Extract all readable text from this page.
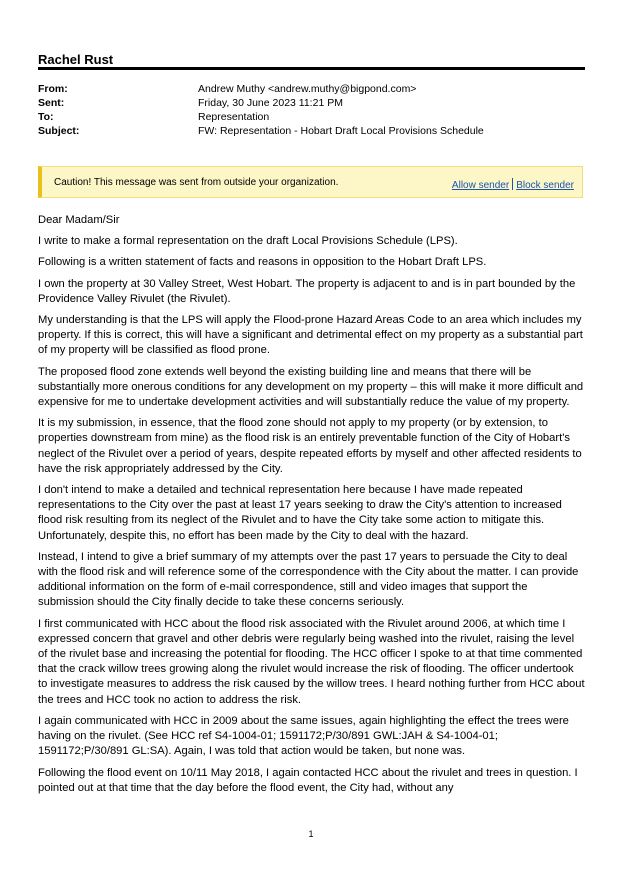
Rachel Rust
From:	Andrew Muthy <andrew.muthy@bigpond.com>
Sent:	Friday, 30 June 2023 11:21 PM
To:	Representation
Subject:	FW: Representation - Hobart Draft Local Provisions Schedule
Caution! This message was sent from outside your organization.	Allow sender Block sender

Dear Madam/Sir

I write to make a formal representation on the draft Local Provisions Schedule (LPS).

Following is a written statement of facts and reasons in opposition to the Hobart Draft LPS.

I own the property at 30 Valley Street, West Hobart. The property is adjacent to and is in part bounded by the Providence Valley Rivulet (the Rivulet).

My understanding is that the LPS will apply the Flood-prone Hazard Areas Code to an area which includes my property. If this is correct, this will have a significant and detrimental effect on my property as a substantial part of my property will be classified as flood prone.

The proposed flood zone extends well beyond the existing building line and means that there will be substantially more onerous conditions for any development on my property – this will make it more difficult and expensive for me to undertake development activities and will substantially reduce the value of my property.

It is my submission, in essence, that the flood zone should not apply to my property (or by extension, to properties downstream from mine) as the flood risk is an entirely preventable function of the City of Hobart's neglect of the Rivulet over a period of years, despite repeated efforts by myself and other affected residents to have the risk appropriately addressed by the City.

I don't intend to make a detailed and technical representation here because I have made repeated representations to the City over the past at least 17 years seeking to draw the City's attention to increased flood risk resulting from its neglect of the Rivulet and to have the City take some action to mitigate this. Unfortunately, despite this, no effort has been made by the City to deal with the hazard.

Instead, I intend to give a brief summary of my attempts over the past 17 years to persuade the City to deal with the flood risk and will reference some of the correspondence with the City about the matter. I can provide additional information on the form of e-mail correspondence, still and video images that support the submission should the City finally decide to take these concerns seriously.

I first communicated with HCC about the flood risk associated with the Rivulet around 2006, at which time I expressed concern that gravel and other debris were regularly being washed into the rivulet, raising the level of the rivulet base and increasing the potential for flooding. The HCC officer I spoke to at that time commented that the crack willow trees growing along the rivulet would increase the risk of flooding. The officer undertook to investigate measures to address the risk caused by the willow trees. I heard nothing further from HCC about the trees and HCC took no action to address the risk.

I again communicated with HCC in 2009 about the same issues, again highlighting the effect the trees were having on the rivulet. (See HCC ref S4-1004-01; 1591172;P/30/891 GWL:JAH & S4-1004-01; 1591172;P/30/891 GL:SA). Again, I was told that action would be taken, but none was.

Following the flood event on 10/11 May 2018, I again contacted HCC about the rivulet and trees in question. I pointed out at that time that the day before the flood event, the City had, without any

1
